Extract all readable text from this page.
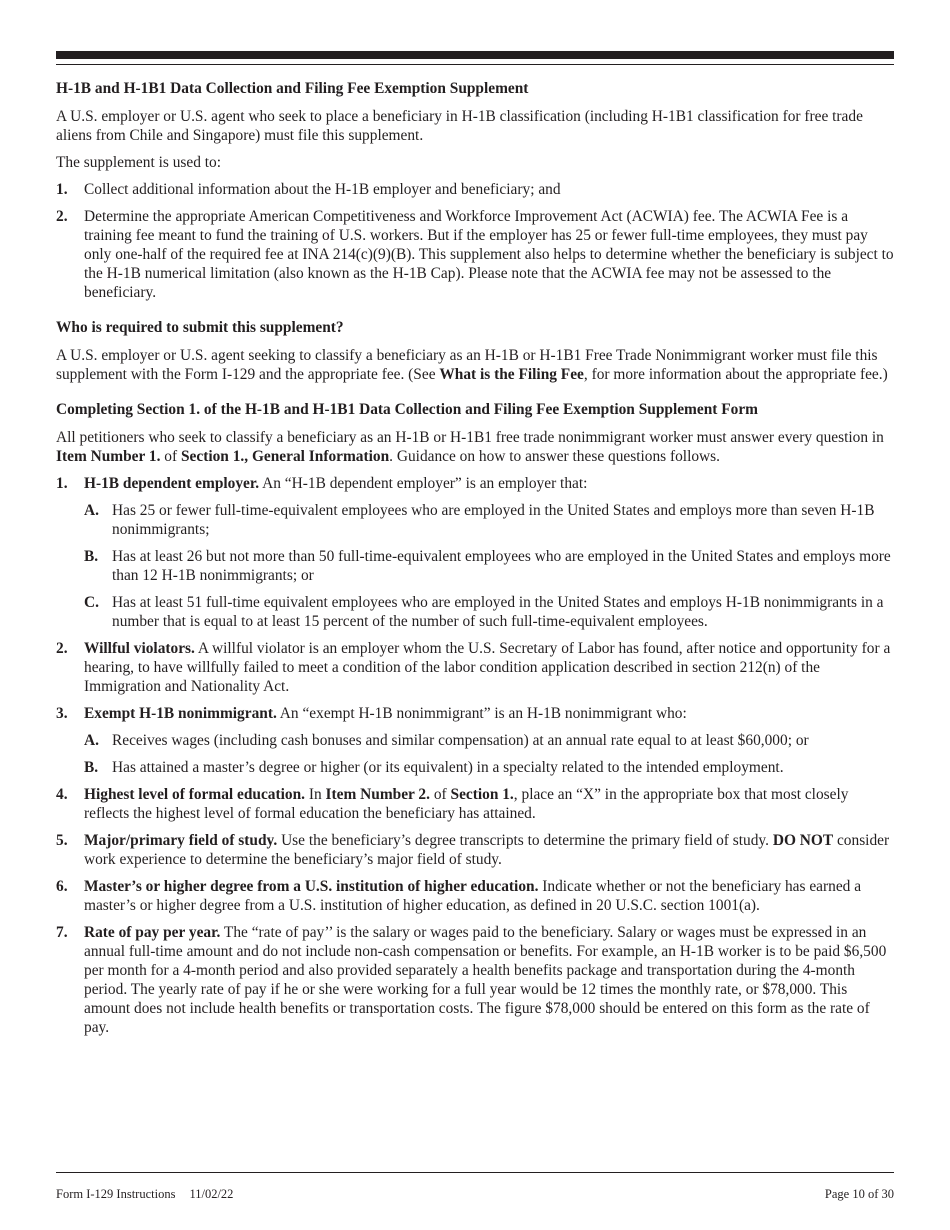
H-1B and H-1B1 Data Collection and Filing Fee Exemption Supplement

A U.S. employer or U.S. agent who seek to place a beneficiary in H-1B classification (including H-1B1 classification for free trade aliens from Chile and Singapore) must file this supplement.

The supplement is used to:

1.	Collect additional information about the H-1B employer and beneficiary; and
2.	Determine the appropriate American Competitiveness and Workforce Improvement Act (ACWIA) fee. The ACWIA Fee is a training fee meant to fund the training of U.S. workers. But if the employer has 25 or fewer full-time employees, they must pay only one-half of the required fee at INA 214(c)(9)(B). This supplement also helps to determine whether the beneficiary is subject to the H-1B numerical limitation (also known as the H-1B Cap). Please note that the ACWIA fee may not be assessed to the beneficiary.
Who is required to submit this supplement?

A U.S. employer or U.S. agent seeking to classify a beneficiary as an H-1B or H-1B1 Free Trade Nonimmigrant worker must file this supplement with the Form I-129 and the appropriate fee. (See What is the Filing Fee, for more information about the appropriate fee.)

Completing Section 1. of the H-1B and H-1B1 Data Collection and Filing Fee Exemption Supplement Form

All petitioners who seek to classify a beneficiary as an H-1B or H-1B1 free trade nonimmigrant worker must answer every question in Item Number 1. of Section 1., General Information. Guidance on how to answer these questions follows.

1.	H-1B dependent employer. An “H-1B dependent employer” is an employer that:
A. Has 25 or fewer full-time-equivalent employees who are employed in the United States and employs more than seven H-1B nonimmigrants;
B. Has at least 26 but not more than 50 full-time-equivalent employees who are employed in the United States and employs more than 12 H-1B nonimmigrants; or
C. Has at least 51 full-time equivalent employees who are employed in the United States and employs H-1B nonimmigrants in a number that is equal to at least 15 percent of the number of such full-time-equivalent employees.
2.	Willful violators. A willful violator is an employer whom the U.S. Secretary of Labor has found, after notice and opportunity for a hearing, to have willfully failed to meet a condition of the labor condition application described in section 212(n) of the Immigration and Nationality Act.
3.	Exempt H-1B nonimmigrant. An “exempt H-1B nonimmigrant” is an H-1B nonimmigrant who:
A. Receives wages (including cash bonuses and similar compensation) at an annual rate equal to at least $60,000; or
B. Has attained a master’s degree or higher (or its equivalent) in a specialty related to the intended employment.
4.	Highest level of formal education. In Item Number 2. of Section 1., place an “X” in the appropriate box that most closely reflects the highest level of formal education the beneficiary has attained.
5.	Major/primary field of study. Use the beneficiary’s degree transcripts to determine the primary field of study. DO NOT consider work experience to determine the beneficiary’s major field of study.
6.	Master’s or higher degree from a U.S. institution of higher education. Indicate whether or not the beneficiary has earned a master’s or higher degree from a U.S. institution of higher education, as defined in 20 U.S.C. section 1001(a).
7.	Rate of pay per year. The “rate of pay’’ is the salary or wages paid to the beneficiary. Salary or wages must be expressed in an annual full-time amount and do not include non-cash compensation or benefits. For example, an H-1B worker is to be paid $6,500 per month for a 4-month period and also provided separately a health benefits package and transportation during the 4-month period. The yearly rate of pay if he or she were working for a full year would be 12 times the monthly rate, or $78,000. This amount does not include health benefits or transportation costs. The figure $78,000 should be entered on this form as the rate of pay.
Form I-129 Instructions 11/02/22	Page 10 of 30
